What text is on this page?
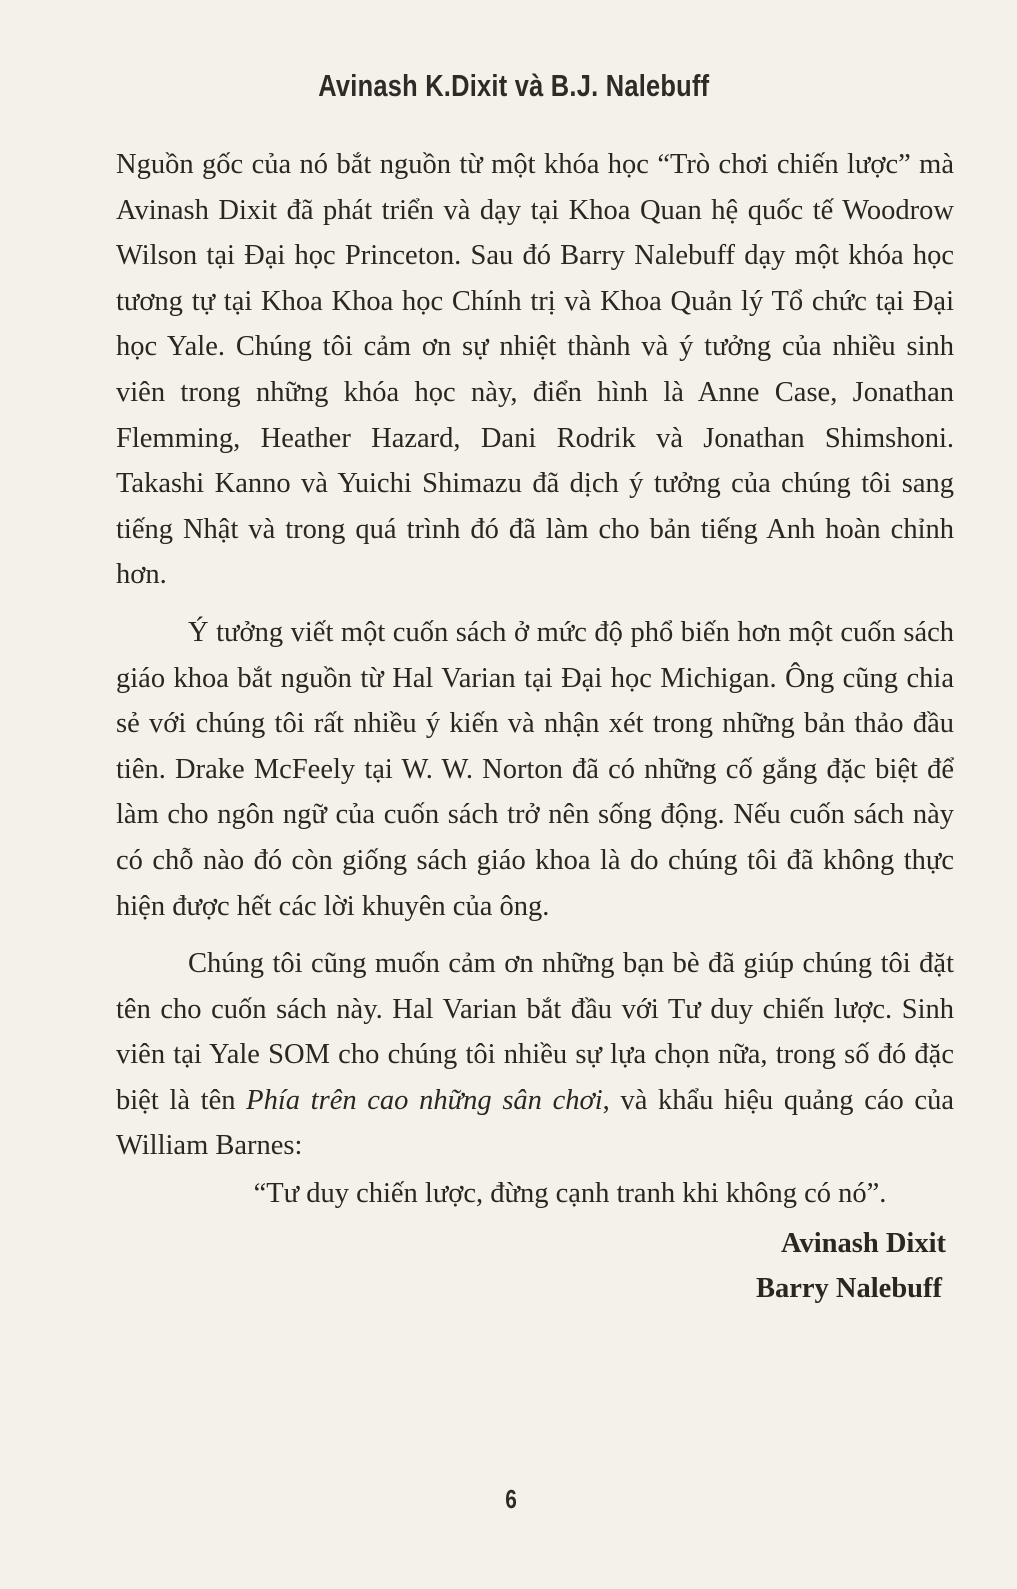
Avinash K.Dixit và B.J. Nalebuff

Nguồn gốc của nó bắt nguồn từ một khóa học “Trò chơi chiến lược” mà Avinash Dixit đã phát triển và dạy tại Khoa Quan hệ quốc tế Woodrow Wilson tại Đại học Princeton. Sau đó Barry Nalebuff dạy một khóa học tương tự tại Khoa Khoa học Chính trị và Khoa Quản lý Tổ chức tại Đại học Yale. Chúng tôi cảm ơn sự nhiệt thành và ý tưởng của nhiều sinh viên trong những khóa học này, điển hình là Anne Case, Jonathan Flemming, Heather Hazard, Dani Rodrik và Jonathan Shimshoni. Takashi Kanno và Yuichi Shimazu đã dịch ý tưởng của chúng tôi sang tiếng Nhật và trong quá trình đó đã làm cho bản tiếng Anh hoàn chỉnh hơn.

Ý tưởng viết một cuốn sách ở mức độ phổ biến hơn một cuốn sách giáo khoa bắt nguồn từ Hal Varian tại Đại học Michigan. Ông cũng chia sẻ với chúng tôi rất nhiều ý kiến và nhận xét trong những bản thảo đầu tiên. Drake McFeely tại W. W. Norton đã có những cố gắng đặc biệt để làm cho ngôn ngữ của cuốn sách trở nên sống động. Nếu cuốn sách này có chỗ nào đó còn giống sách giáo khoa là do chúng tôi đã không thực hiện được hết các lời khuyên của ông.

Chúng tôi cũng muốn cảm ơn những bạn bè đã giúp chúng tôi đặt tên cho cuốn sách này. Hal Varian bắt đầu với Tư duy chiến lược. Sinh viên tại Yale SOM cho chúng tôi nhiều sự lựa chọn nữa, trong số đó đặc biệt là tên Phía trên cao những sân chơi, và khẩu hiệu quảng cáo của William Barnes:

“Tư duy chiến lược, đừng cạnh tranh khi không có nó”.

Avinash Dixit

Barry Nalebuff

6
